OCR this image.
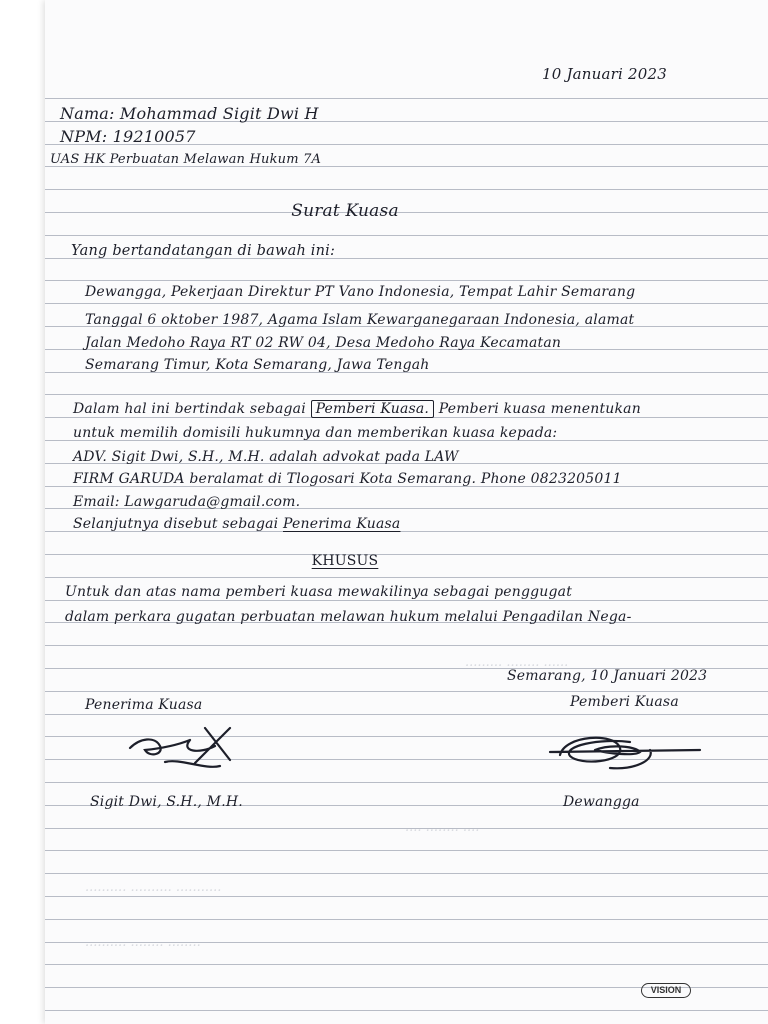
......... ........ ......
.... ........ ....
.......... .......... ...........
.......... ........ ........
10 Januari 2023
Nama: Mohammad Sigit Dwi H
NPM: 19210057
UAS HK Perbuatan Melawan Hukum 7A
Surat Kuasa
Yang bertandatangan di bawah ini:
Dewangga, Pekerjaan Direktur PT Vano Indonesia, Tempat Lahir Semarang
Tanggal 6 oktober 1987, Agama Islam Kewarganegaraan Indonesia, alamat
Jalan Medoho Raya RT 02 RW 04, Desa Medoho Raya Kecamatan
Semarang Timur, Kota Semarang, Jawa Tengah
Dalam hal ini bertindak sebagai Pemberi Kuasa. Pemberi kuasa menentukan
untuk memilih domisili hukumnya dan memberikan kuasa kepada:
ADV. Sigit Dwi, S.H., M.H. adalah advokat pada LAW
FIRM GARUDA beralamat di Tlogosari Kota Semarang. Phone 0823205011
Email: Lawgaruda@gmail.com.
Selanjutnya disebut sebagai Penerima Kuasa
KHUSUS
Untuk dan atas nama pemberi kuasa mewakilinya sebagai penggugat
dalam perkara gugatan perbuatan melawan hukum melalui Pengadilan Nega-
Semarang, 10 Januari 2023
Pemberi Kuasa
Penerima Kuasa
Sigit Dwi, S.H., M.H.	Dewangga
VISION
